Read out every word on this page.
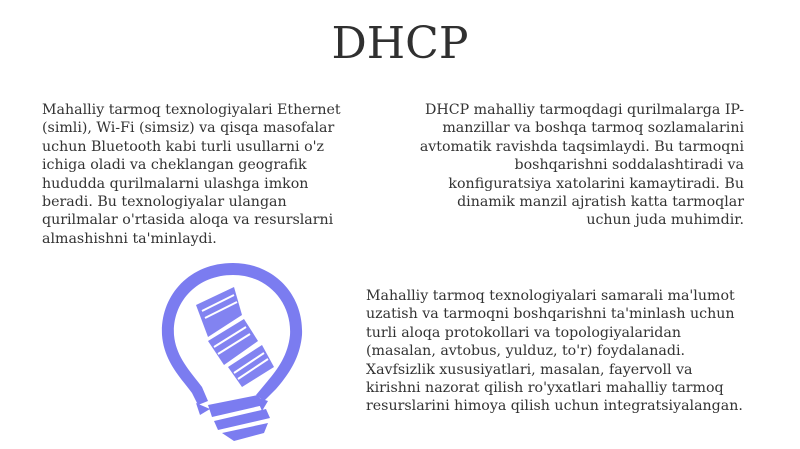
DHCP
Mahalliy tarmoq texnologiyalari Ethernet (simli), Wi-Fi (simsiz) va qisqa masofalar uchun Bluetooth kabi turli usullarni o'z ichiga oladi va cheklangan geografik hududda qurilmalarni ulashga imkon beradi. Bu texnologiyalar ulangan qurilmalar o'rtasida aloqa va resurslarni almashishni ta'minlaydi.
DHCP mahalliy tarmoqdagi qurilmalarga IP-manzillar va boshqa tarmoq sozlamalarini avtomatik ravishda taqsimlaydi. Bu tarmoqni boshqarishni soddalashtiradi va konfiguratsiya xatolarini kamaytiradi. Bu dinamik manzil ajratish katta tarmoqlar uchun juda muhimdir.
Mahalliy tarmoq texnologiyalari samarali ma'lumot uzatish va tarmoqni boshqarishni ta'minlash uchun turli aloqa protokollari va topologiyalaridan (masalan, avtobus, yulduz, to'r) foydalanadi. Xavfsizlik xususiyatlari, masalan, fayervoll va kirishni nazorat qilish ro'yxatlari mahalliy tarmoq resurslarini himoya qilish uchun integratsiyalangan.
